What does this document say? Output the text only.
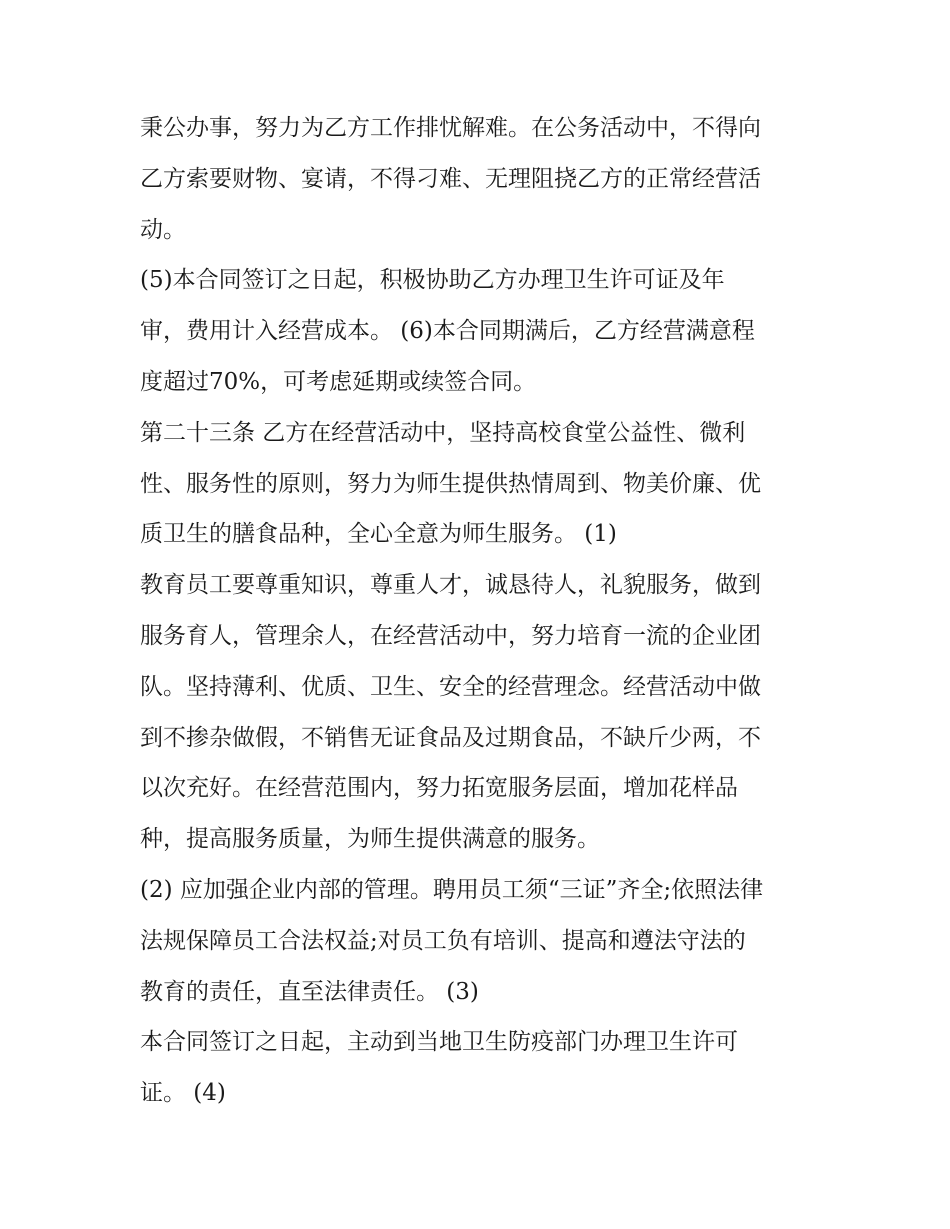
秉公办事，努力为乙方工作排忧解难。在公务活动中，不得向
乙方索要财物、宴请，不得刁难、无理阻挠乙方的正常经营活
动。
(5)本合同签订之日起，积极协助乙方办理卫生许可证及年
审，费用计入经营成本。 (6)本合同期满后，乙方经营满意程
度超过70%，可考虑延期或续签合同。
第二十三条 乙方在经营活动中，坚持高校食堂公益性、微利
性、服务性的原则，努力为师生提供热情周到、物美价廉、优
质卫生的膳食品种，全心全意为师生服务。 (1)
教育员工要尊重知识，尊重人才，诚恳待人，礼貌服务，做到
服务育人，管理余人，在经营活动中，努力培育一流的企业团
队。坚持薄利、优质、卫生、安全的经营理念。经营活动中做
到不掺杂做假，不销售无证食品及过期食品，不缺斤少两，不
以次充好。在经营范围内，努力拓宽服务层面，增加花样品
种，提高服务质量，为师生提供满意的服务。
(2) 应加强企业内部的管理。聘用员工须“三证”齐全;依照法律
法规保障员工合法权益;对员工负有培训、提高和遵法守法的
教育的责任，直至法律责任。 (3)
本合同签订之日起，主动到当地卫生防疫部门办理卫生许可
证。 (4)
